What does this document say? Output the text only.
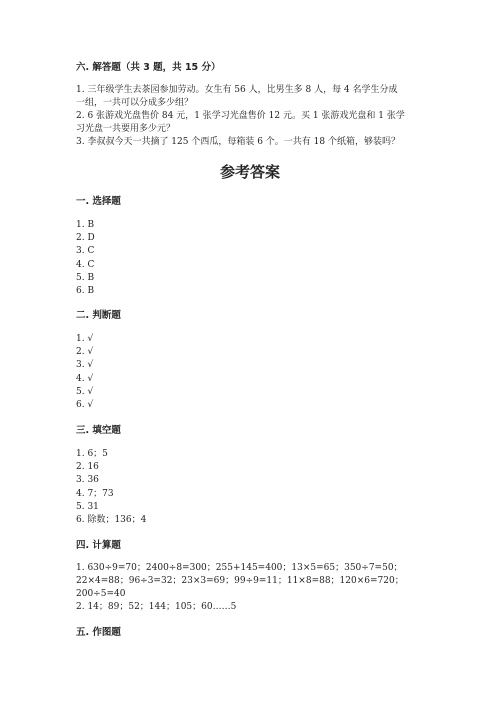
六. 解答题（共 3 题，共 15 分）
1. 三年级学生去茶园参加劳动。女生有 56 人，比男生多 8 人，每 4 名学生分成
一组，一共可以分成多少组？
2. 6 张游戏光盘售价 84 元，1 张学习光盘售价 12 元。买 1 张游戏光盘和 1 张学
习光盘一共要用多少元？
3. 李叔叔今天一共摘了 125 个西瓜，每箱装 6 个。一共有 18 个纸箱，够装吗？
参考答案
一. 选择题
1. B
2. D
3. C
4. C
5. B
6. B
二. 判断题
1. √
2. √
3. √
4. √
5. √
6. √
三. 填空题
1. 6；5
2. 16
3. 36
4. 7；73
5. 31
6. 除数；136；4
四. 计算题
1. 630÷9=70；2400÷8=300；255+145=400；13×5=65；350÷7=50；
22×4=88；96÷3=32；23×3=69；99÷9=11；11×8=88；120×6=720；
200÷5=40
2. 14；89；52；144；105；60……5
五. 作图题
